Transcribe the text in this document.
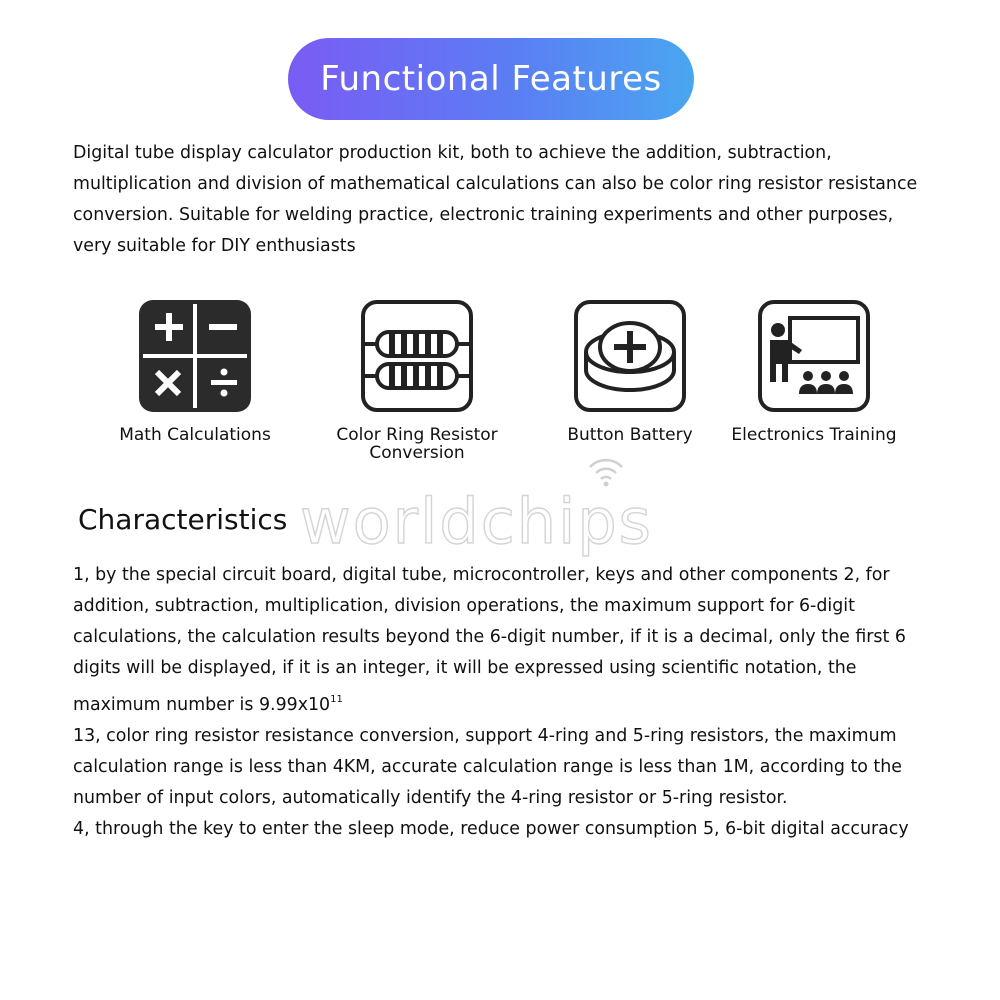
Functional Features
Digital tube display calculator production kit, both to achieve the addition, subtraction, multiplication and division of mathematical calculations can also be color ring resistor resistance conversion. Suitable for welding practice, electronic training experiments and other purposes, very suitable for DIY enthusiasts
Math Calculations	Color Ring Resistor
Conversion
Button Battery	Electronics Training
worldchips
Characteristics

1, by the special circuit board, digital tube, microcontroller, keys and other components 2, for addition, subtraction, multiplication, division operations, the maximum support for 6-digit calculations, the calculation results beyond the 6-digit number, if it is a decimal, only the first 6 digits will be displayed, if it is an integer, it will be expressed using scientific notation, the maximum number is $9.99x10^{11}$

13, color ring resistor resistance conversion, support 4-ring and 5-ring resistors, the maximum calculation range is less than 4KM, accurate calculation range is less than 1M, according to the number of input colors, automatically identify the 4-ring resistor or 5-ring resistor.

4, through the key to enter the sleep mode, reduce power consumption 5, 6-bit digital accuracy
